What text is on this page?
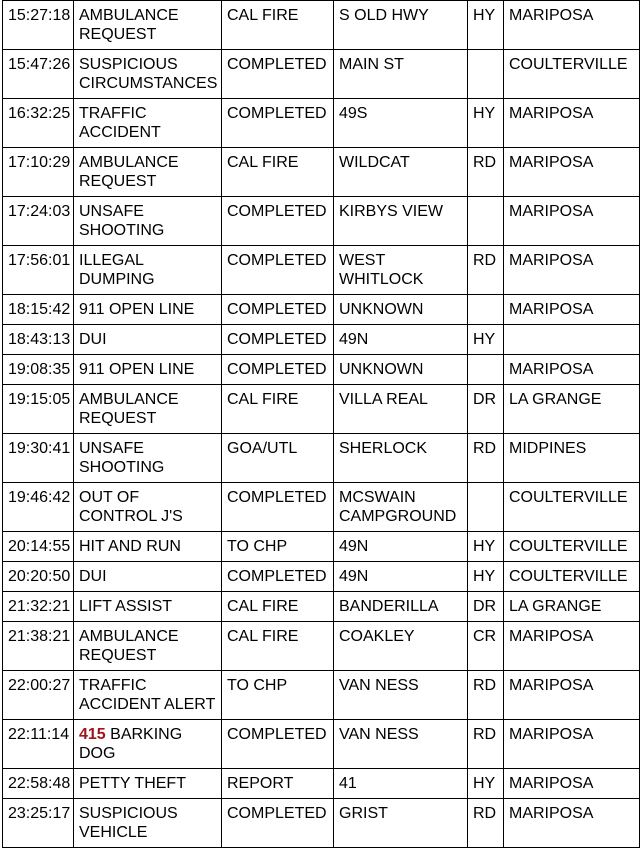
15:27:18	AMBULANCE
REQUEST	CAL FIRE	S OLD HWY	HY	MARIPOSA
15:47:26	SUSPICIOUS
CIRCUMSTANCES	COMPLETED	MAIN ST		COULTERVILLE
16:32:25	TRAFFIC
ACCIDENT	COMPLETED	49S	HY	MARIPOSA
17:10:29	AMBULANCE
REQUEST	CAL FIRE	WILDCAT	RD	MARIPOSA
17:24:03	UNSAFE
SHOOTING	COMPLETED	KIRBYS VIEW		MARIPOSA
17:56:01	ILLEGAL
DUMPING	COMPLETED	WEST
WHITLOCK	RD	MARIPOSA
18:15:42	911 OPEN LINE	COMPLETED	UNKNOWN		MARIPOSA
18:43:13	DUI	COMPLETED	49N	HY	
19:08:35	911 OPEN LINE	COMPLETED	UNKNOWN		MARIPOSA
19:15:05	AMBULANCE
REQUEST	CAL FIRE	VILLA REAL	DR	LA GRANGE
19:30:41	UNSAFE
SHOOTING	GOA/UTL	SHERLOCK	RD	MIDPINES
19:46:42	OUT OF
CONTROL J'S	COMPLETED	MCSWAIN
CAMPGROUND		COULTERVILLE
20:14:55	HIT AND RUN	TO CHP	49N	HY	COULTERVILLE
20:20:50	DUI	COMPLETED	49N	HY	COULTERVILLE
21:32:21	LIFT ASSIST	CAL FIRE	BANDERILLA	DR	LA GRANGE
21:38:21	AMBULANCE
REQUEST	CAL FIRE	COAKLEY	CR	MARIPOSA
22:00:27	TRAFFIC
ACCIDENT ALERT	TO CHP	VAN NESS	RD	MARIPOSA
22:11:14	415 BARKING
DOG	COMPLETED	VAN NESS	RD	MARIPOSA
22:58:48	PETTY THEFT	REPORT	41	HY	MARIPOSA
23:25:17	SUSPICIOUS
VEHICLE	COMPLETED	GRIST	RD	MARIPOSA
